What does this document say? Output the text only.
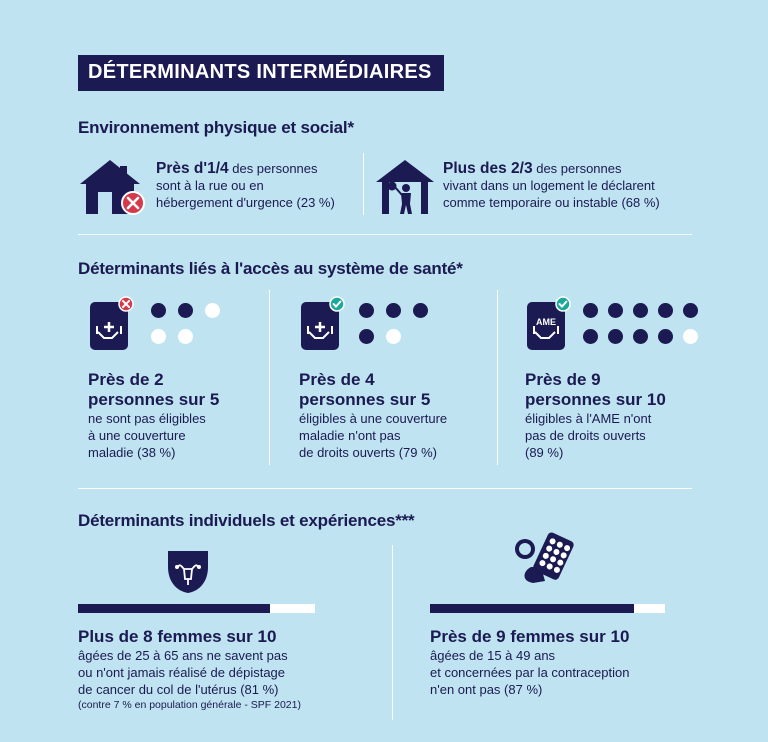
DÉTERMINANTS INTERMÉDIAIRES
Environnement physique et social*
Près d'1/4 des personnes
sont à la rue ou en
hébergement d'urgence (23 %)
Plus des 2/3 des personnes
vivant dans un logement le déclarent
comme temporaire ou instable (68 %)
Déterminants liés à l'accès au système de santé*
Près de 2
personnes sur 5
ne sont pas éligibles
à une couverture
maladie (38 %)
Près de 4
personnes sur 5
éligibles à une couverture
maladie n'ont pas
de droits ouverts (79 %)
AME
Près de 9
personnes sur 10
éligibles à l'AME n'ont
pas de droits ouverts
(89 %)
Déterminants individuels et expériences***
Plus de 8 femmes sur 10
âgées de 25 à 65 ans ne savent pas
ou n'ont jamais réalisé de dépistage
de cancer du col de l'utérus (81 %)
(contre 7 % en population générale - SPF 2021)
Près de 9 femmes sur 10
âgées de 15 à 49 ans
et concernées par la contraception
n'en ont pas (87 %)
